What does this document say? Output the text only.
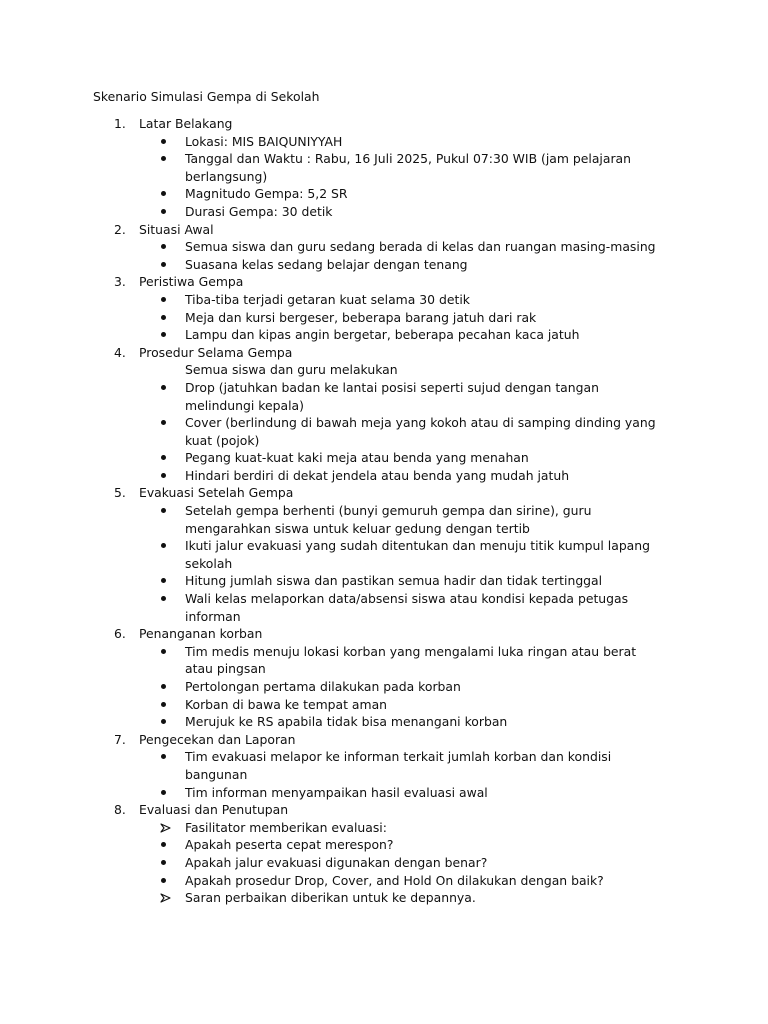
Skenario Simulasi Gempa di Sekolah
1.	Latar Belakang
Lokasi: MIS BAIQUNIYYAH
Tanggal dan Waktu : Rabu, 16 Juli 2025, Pukul 07:30 WIB (jam pelajaran berlangsung)
Magnitudo Gempa: 5,2 SR
Durasi Gempa: 30 detik
2.	Situasi Awal
Semua siswa dan guru sedang berada di kelas dan ruangan masing-masing
Suasana kelas sedang belajar dengan tenang
3.	Peristiwa Gempa
Tiba-tiba terjadi getaran kuat selama 30 detik
Meja dan kursi bergeser, beberapa barang jatuh dari rak
Lampu dan kipas angin bergetar, beberapa pecahan kaca jatuh
4.	Prosedur Selama Gempa
Semua siswa dan guru melakukan
Drop (jatuhkan badan ke lantai posisi seperti sujud dengan tangan melindungi kepala)
Cover (berlindung di bawah meja yang kokoh atau di samping dinding yang kuat (pojok)
Pegang kuat-kuat kaki meja atau benda yang menahan
Hindari berdiri di dekat jendela atau benda yang mudah jatuh
5.	Evakuasi Setelah Gempa
Setelah gempa berhenti (bunyi gemuruh gempa dan sirine), guru mengarahkan siswa untuk keluar gedung dengan tertib
Ikuti jalur evakuasi yang sudah ditentukan dan menuju titik kumpul lapang sekolah
Hitung jumlah siswa dan pastikan semua hadir dan tidak tertinggal
Wali kelas melaporkan data/absensi siswa atau kondisi kepada petugas informan
6.	Penanganan korban
Tim medis menuju lokasi korban yang mengalami luka ringan atau berat atau pingsan
Pertolongan pertama dilakukan pada korban
Korban di bawa ke tempat aman
Merujuk ke RS apabila tidak bisa menangani korban
7.	Pengecekan dan Laporan
Tim evakuasi melapor ke informan terkait jumlah korban dan kondisi bangunan
Tim informan menyampaikan hasil evaluasi awal
8.	Evaluasi dan Penutupan
Fasilitator memberikan evaluasi:
Apakah peserta cepat merespon?
Apakah jalur evakuasi digunakan dengan benar?
Apakah prosedur Drop, Cover, and Hold On dilakukan dengan baik?
Saran perbaikan diberikan untuk ke depannya.
